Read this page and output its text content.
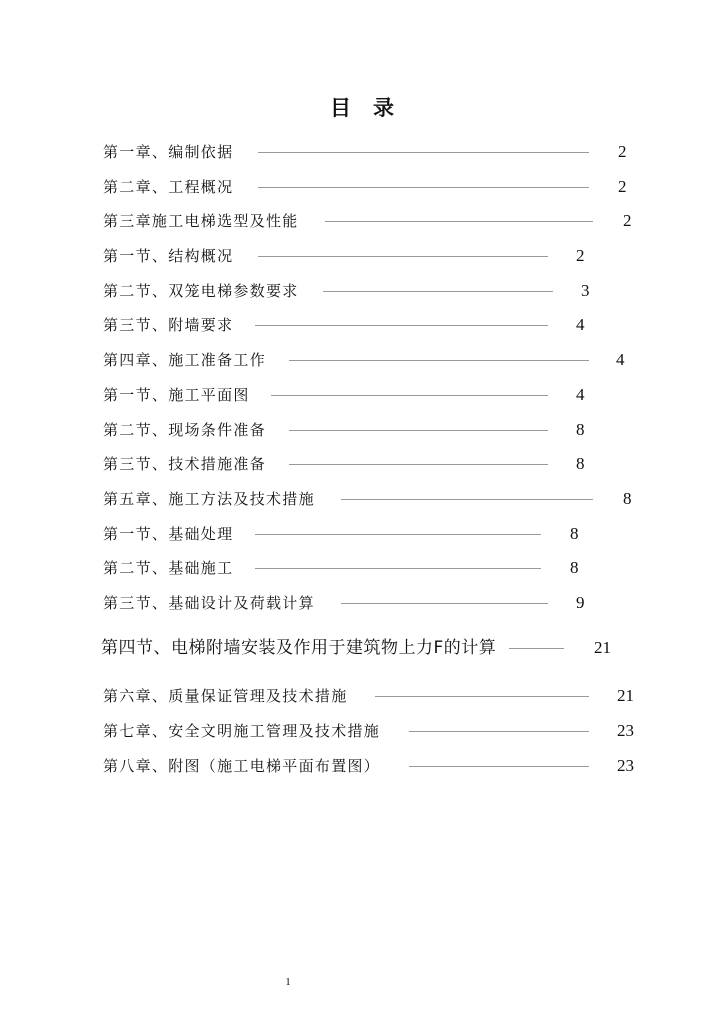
目录
第一章、编制依据	2
第二章、工程概况	2
第三章施工电梯选型及性能	2
第一节、结构概况	2
第二节、双笼电梯参数要求	3
第三节、附墙要求	4
第四章、施工准备工作	4
第一节、施工平面图	4
第二节、现场条件准备	8
第三节、技术措施准备	8
第五章、施工方法及技术措施	8
第一节、基础处理	8
第二节、基础施工	8
第三节、基础设计及荷载计算	9
第四节、电梯附墙安装及作用于建筑物上力F的计算	21
第六章、质量保证管理及技术措施	21
第七章、安全文明施工管理及技术措施	23
第八章、附图（施工电梯平面布置图）	23
1
